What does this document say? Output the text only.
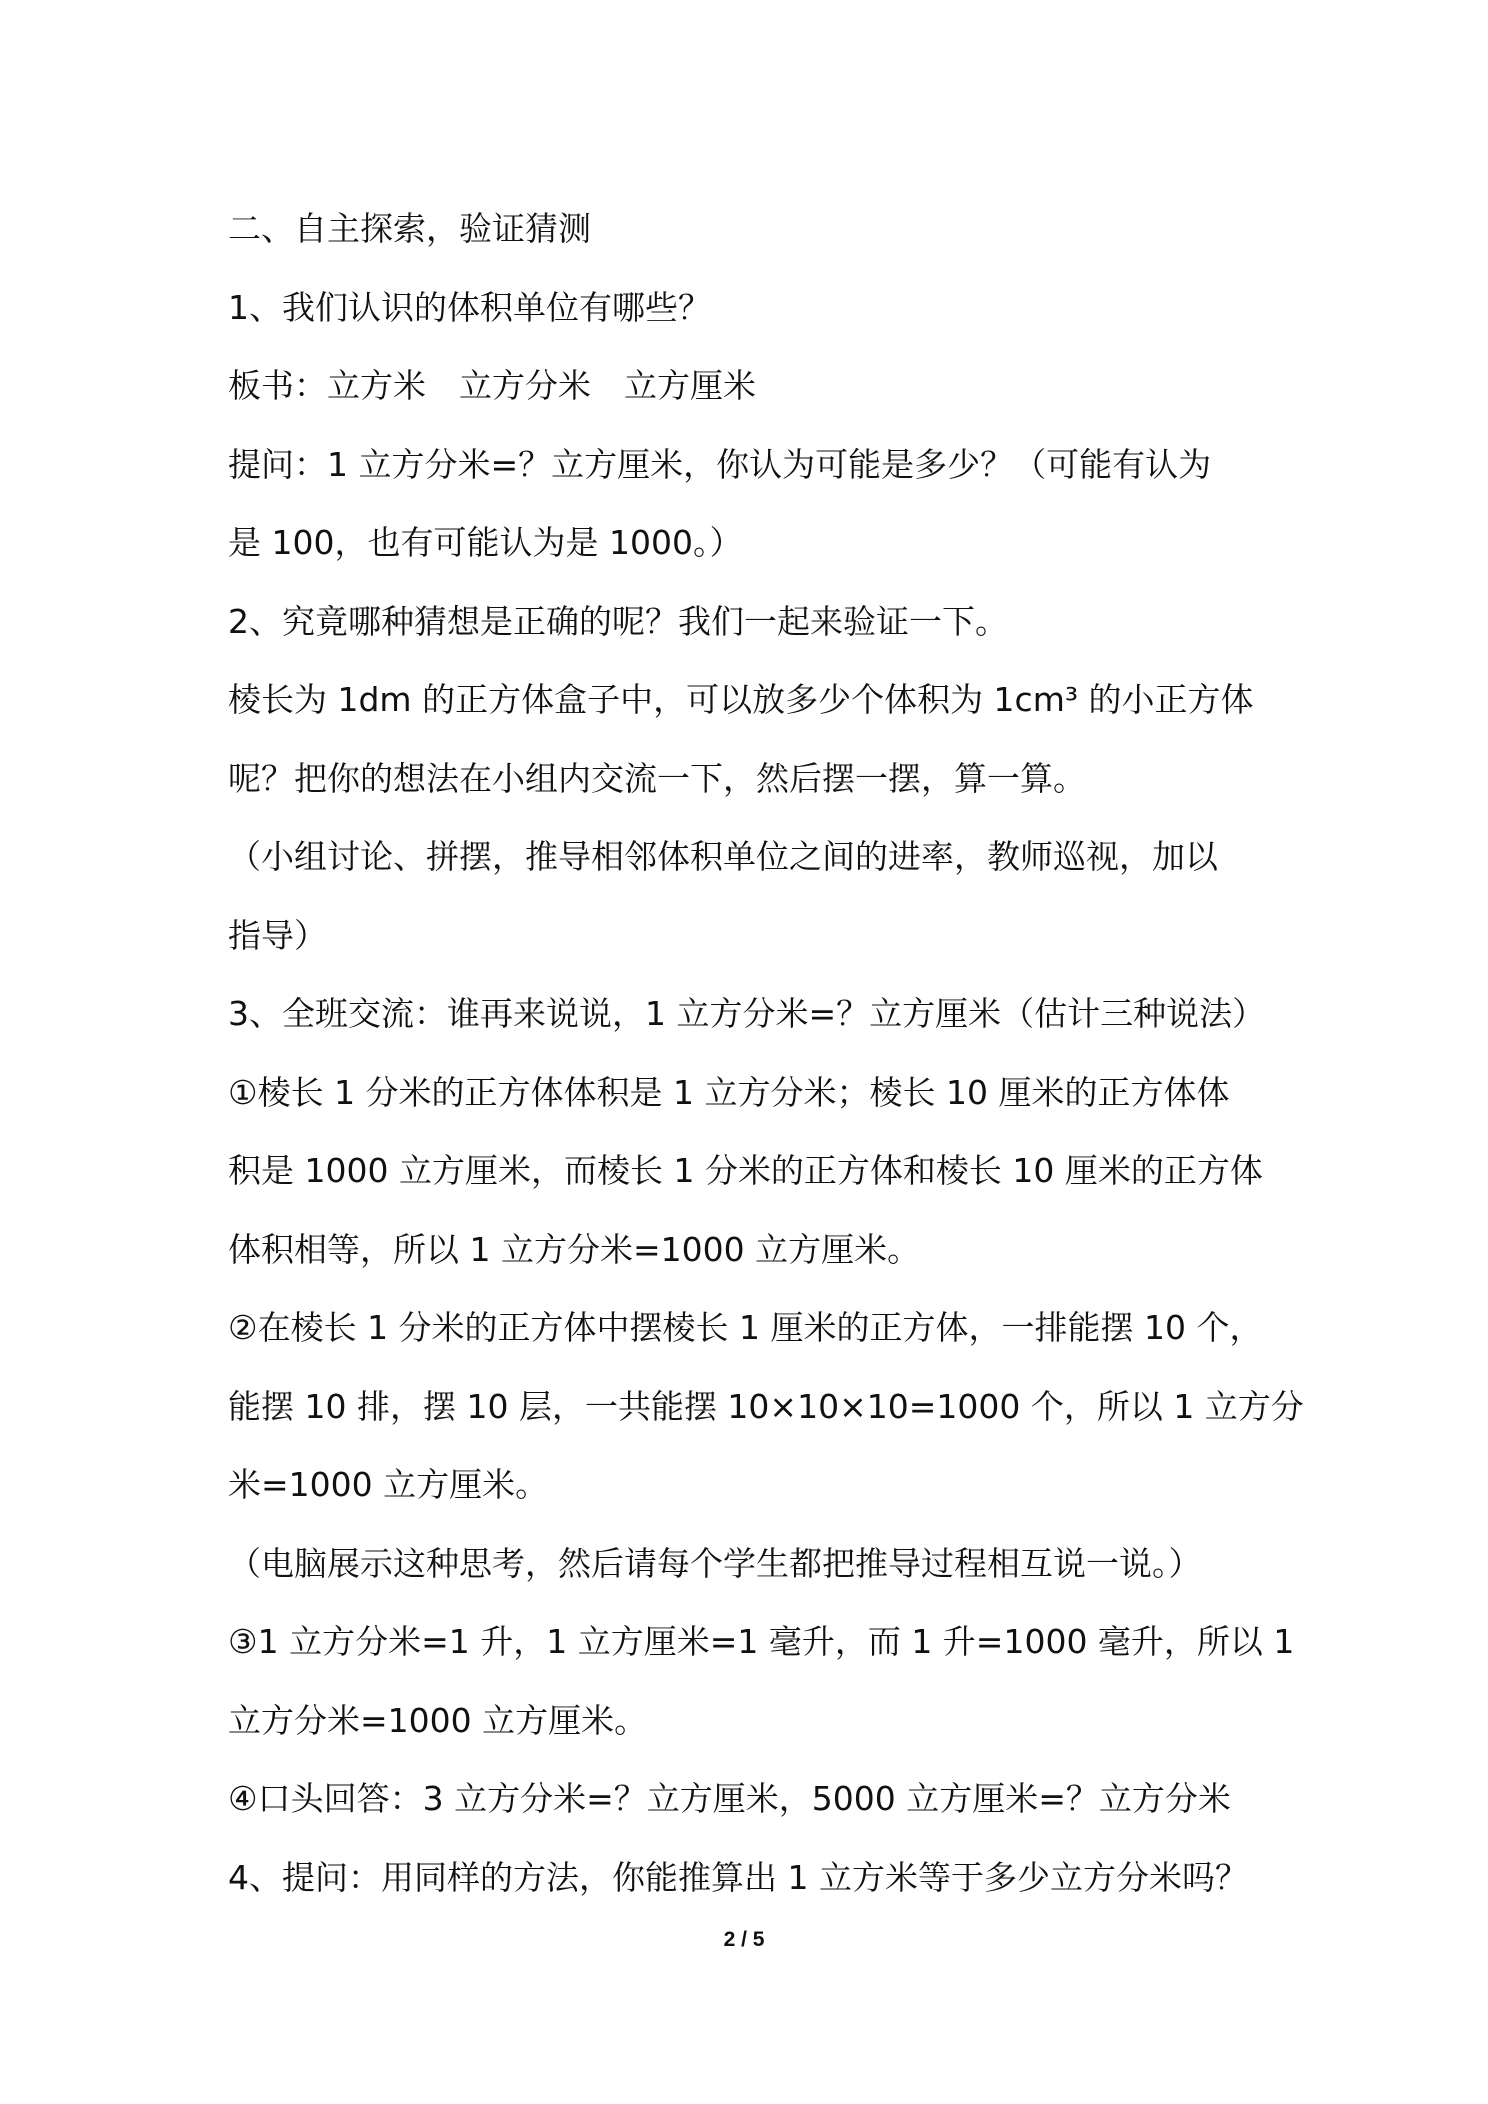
二、自主探索，验证猜测
1、我们认识的体积单位有哪些？
板书：立方米　立方分米　立方厘米
提问：1 立方分米=？立方厘米，你认为可能是多少？（可能有认为
是 100，也有可能认为是 1000。）
2、究竟哪种猜想是正确的呢？我们一起来验证一下。
棱长为 1dm 的正方体盒子中，可以放多少个体积为 1cm³ 的小正方体
呢？把你的想法在小组内交流一下，然后摆一摆，算一算。
（小组讨论、拼摆，推导相邻体积单位之间的进率，教师巡视，加以
指导）
3、全班交流：谁再来说说，1 立方分米=？立方厘米（估计三种说法）
①棱长 1 分米的正方体体积是 1 立方分米；棱长 10 厘米的正方体体
积是 1000 立方厘米，而棱长 1 分米的正方体和棱长 10 厘米的正方体
体积相等，所以 1 立方分米=1000 立方厘米。
②在棱长 1 分米的正方体中摆棱长 1 厘米的正方体，一排能摆 10 个，
能摆 10 排，摆 10 层，一共能摆 10×10×10=1000 个，所以 1 立方分
米=1000 立方厘米。
（电脑展示这种思考，然后请每个学生都把推导过程相互说一说。）
③1 立方分米=1 升，1 立方厘米=1 毫升，而 1 升=1000 毫升，所以 1
立方分米=1000 立方厘米。
④口头回答：3 立方分米=？立方厘米，5000 立方厘米=？立方分米
4、提问：用同样的方法，你能推算出 1 立方米等于多少立方分米吗？
2 / 5
